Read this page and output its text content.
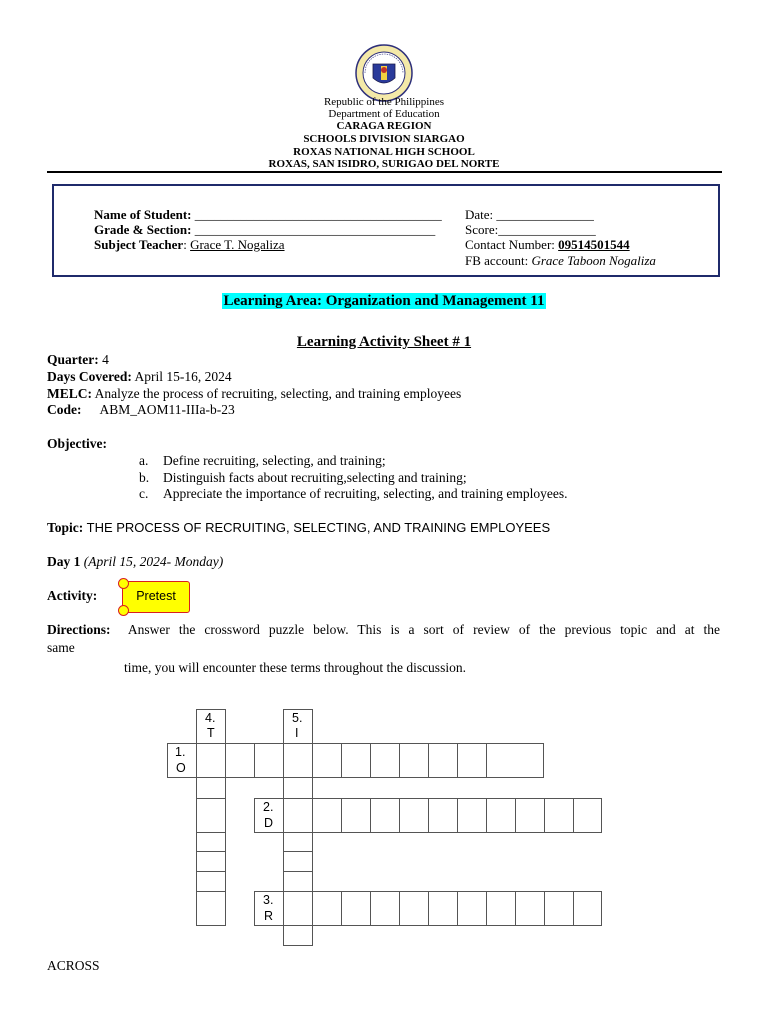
Republic of the Philippines
Department of Education
CARAGA REGION
SCHOOLS DIVISION SIARGAO
ROXAS NATIONAL HIGH SCHOOL
ROXAS, SAN ISIDRO, SURIGAO DEL NORTE
Name of Student: ______________________________________ Date: _______________
Grade & Section: _____________________________________ Score:_______________
Subject Teacher: Grace T. Nogaliza	Contact Number: 09514501544
FB account: Grace Taboon Nogaliza
Learning Area: Organization and Management 11
Learning Activity Sheet # 1
Quarter: 4
Days Covered: April 15-16, 2024
MELC: Analyze the process of recruiting, selecting, and training employees
Code: ABM_AOM11-IIIa-b-23
Objective:
a. Define recruiting, selecting, and training;
b. Distinguish facts about recruiting,selecting and training;
c. Appreciate the importance of recruiting, selecting, and training employees.
Topic: THE PROCESS OF RECRUITING, SELECTING, AND TRAINING EMPLOYEES
Day 1 (April 15, 2024- Monday)
Activity:	Pretest
Directions: Answer the crossword puzzle below. This is a sort of review of the previous topic and at the
same
time, you will encounter these terms throughout the discussion.
4.
T
5.
I
1.
O
2.
D
3.
R
ACROSS
